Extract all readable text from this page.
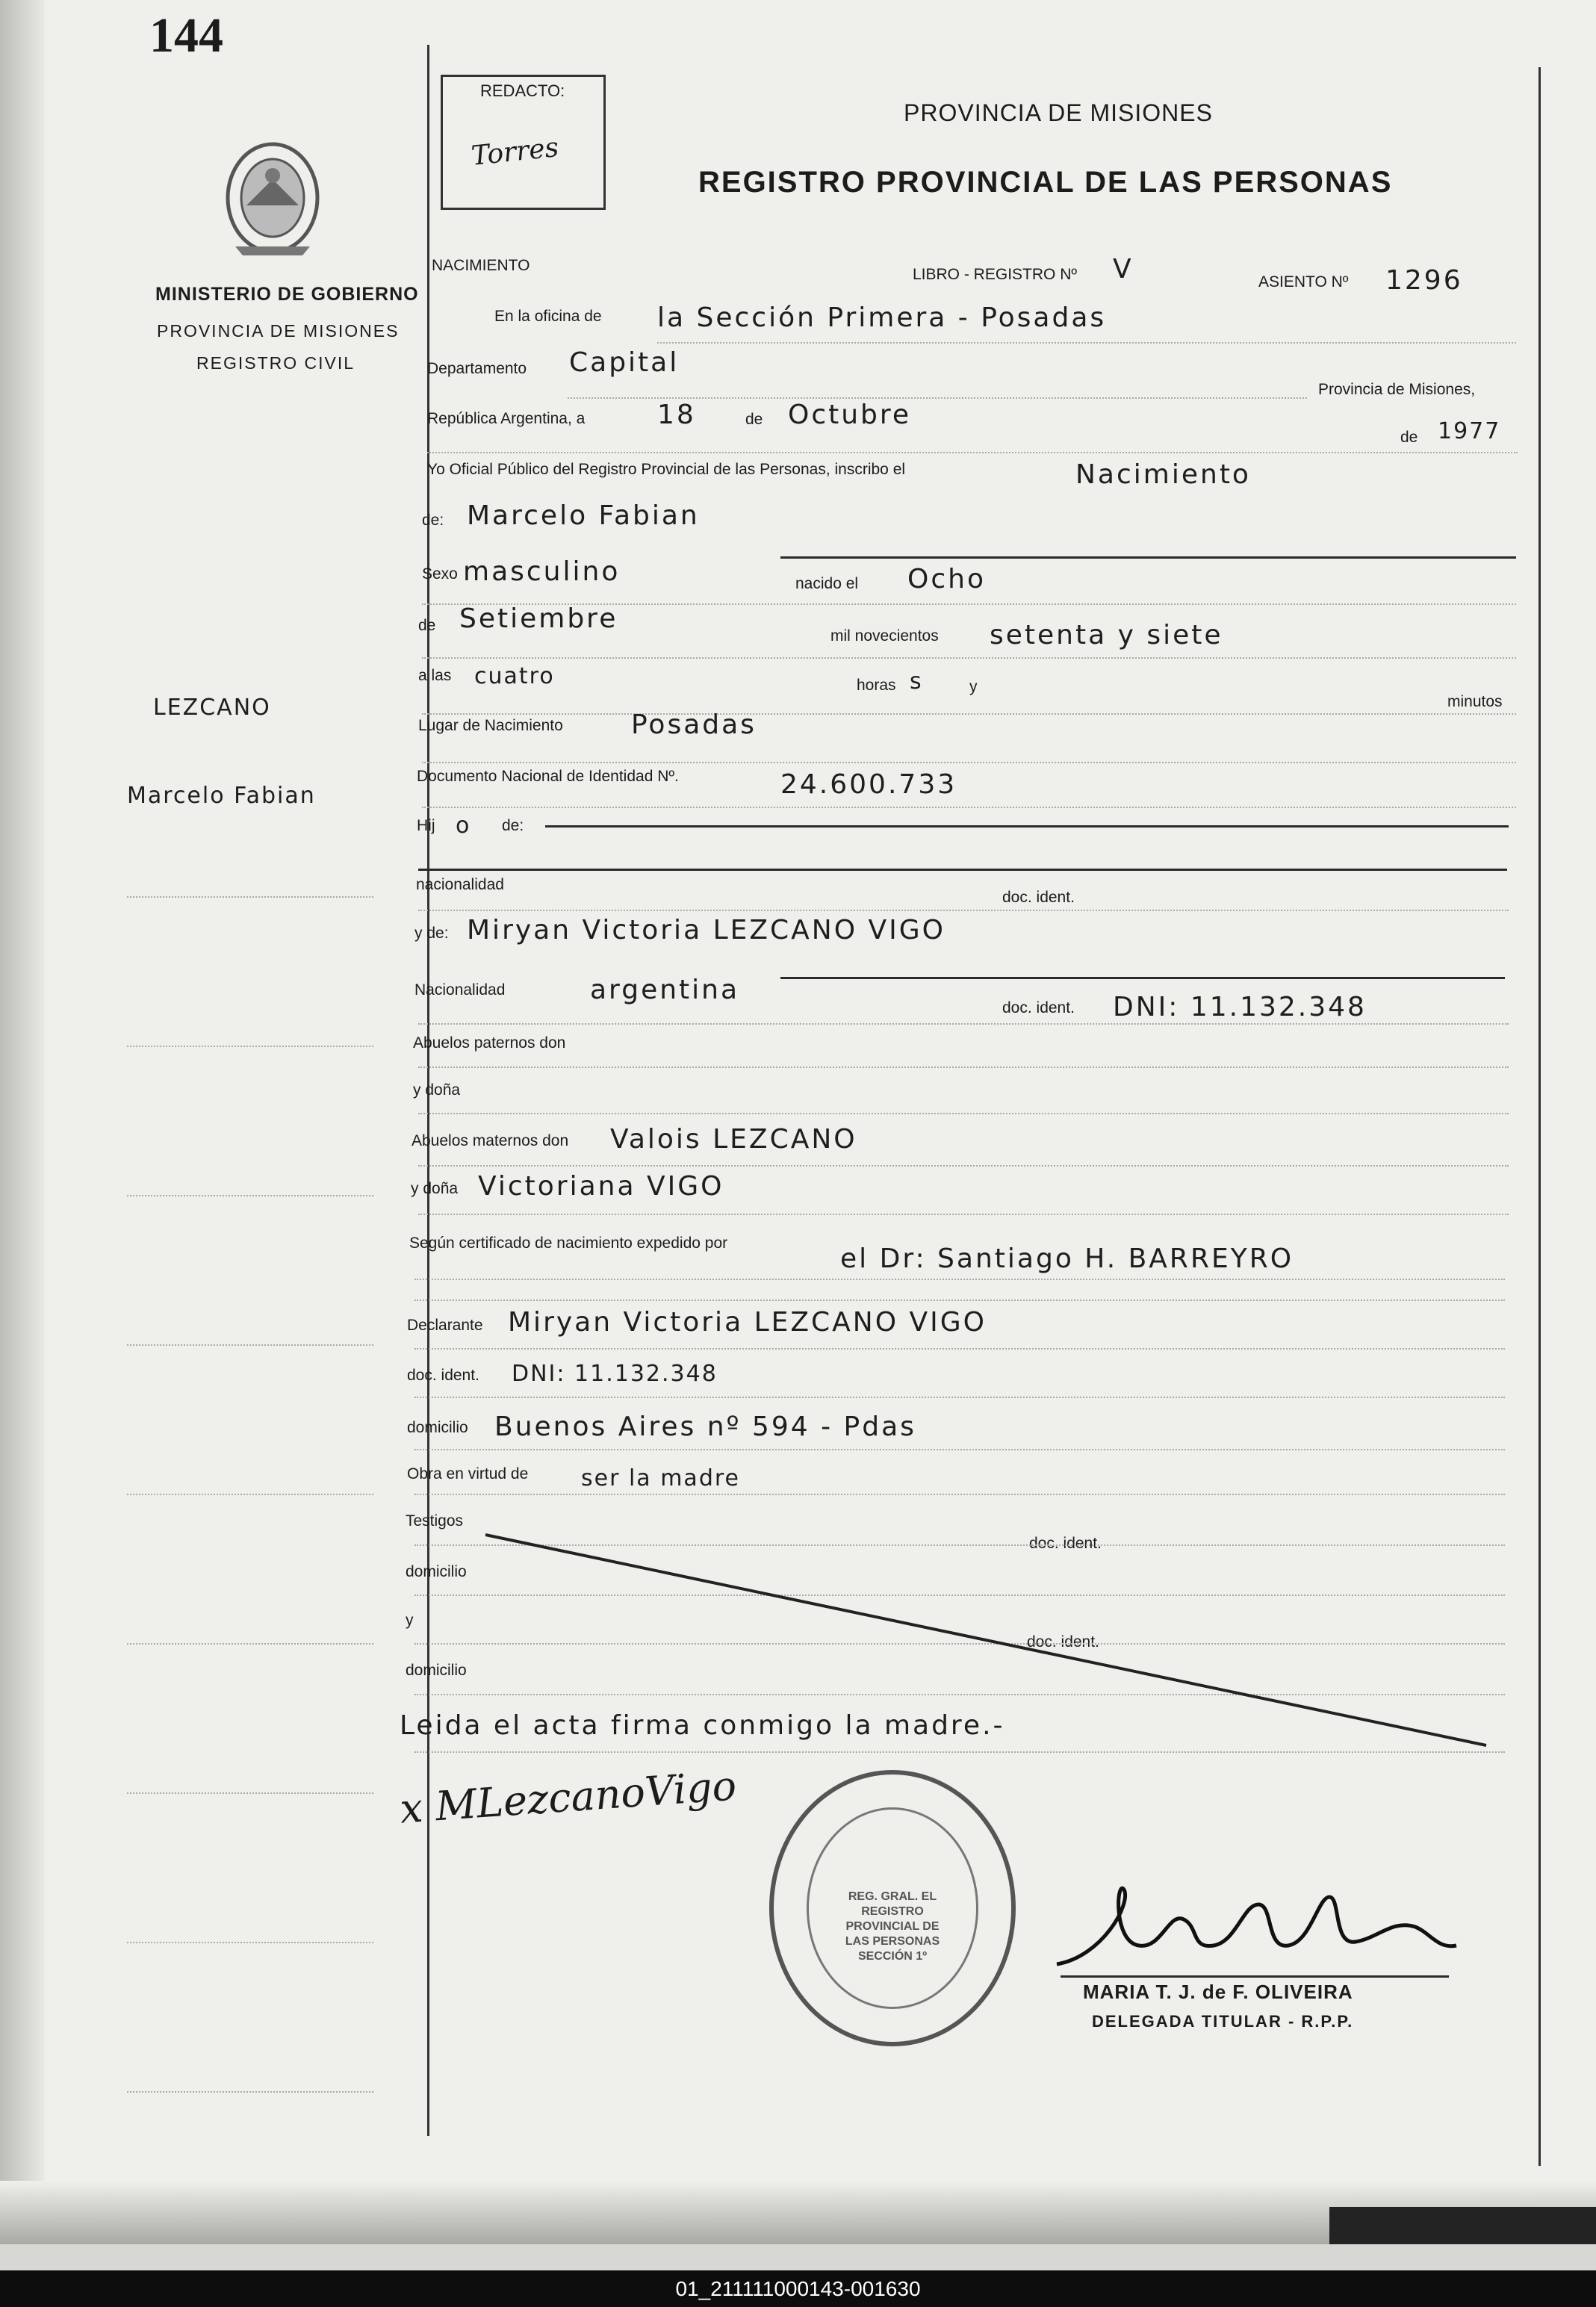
144
REDACTO:
Torres
PROVINCIA DE MISIONES
REGISTRO PROVINCIAL DE LAS PERSONAS
MINISTERIO DE GOBIERNO
PROVINCIA DE MISIONES
REGISTRO CIVIL
LEZCANO
Marcelo Fabian
NACIMIENTO
LIBRO - REGISTRO Nº V	ASIENTO Nº 1296
En la oficina de la Sección Primera - Posadas
Departamento Capital
Provincia de Misiones,
República Argentina, a	18	de Octubre
de 1977
Yo Oficial Público del Registro Provincial de las Personas, inscribo el	Nacimiento
de: Marcelo Fabian
Sexo masculino	nacido el Ocho
de Setiembre
mil novecientos setenta y siete
a las cuatro	horas s	y
minutos
Lugar de Nacimiento	Posadas
Documento Nacional de Identidad Nº.	24.600.733
Hij o de:
nacionalidad
doc. ident.
y de: Miryan Victoria LEZCANO VIGO
Nacionalidad	argentina
doc. ident. DNI: 11.132.348
Abuelos paternos don
y doña
Abuelos maternos don Valois LEZCANO
y doña Victoriana VIGO
Según certificado de nacimiento expedido por
el Dr: Santiago H. BARREYRO
Declarante Miryan Victoria LEZCANO VIGO
doc. ident. DNI: 11.132.348
domicilio Buenos Aires nº 594 - Pdas
Obra en virtud de ser la madre
Testigos
doc. ident.
domicilio
y
doc. ident.
domicilio
Leida el acta firma conmigo la madre.-
x MLezcanoVigo
REG. GRAL. EL REGISTRO PROVINCIAL DE LAS PERSONAS SECCIÓN 1º
MARIA T. J. de F. OLIVEIRA
DELEGADA TITULAR - R.P.P.
01_211111000143-001630
